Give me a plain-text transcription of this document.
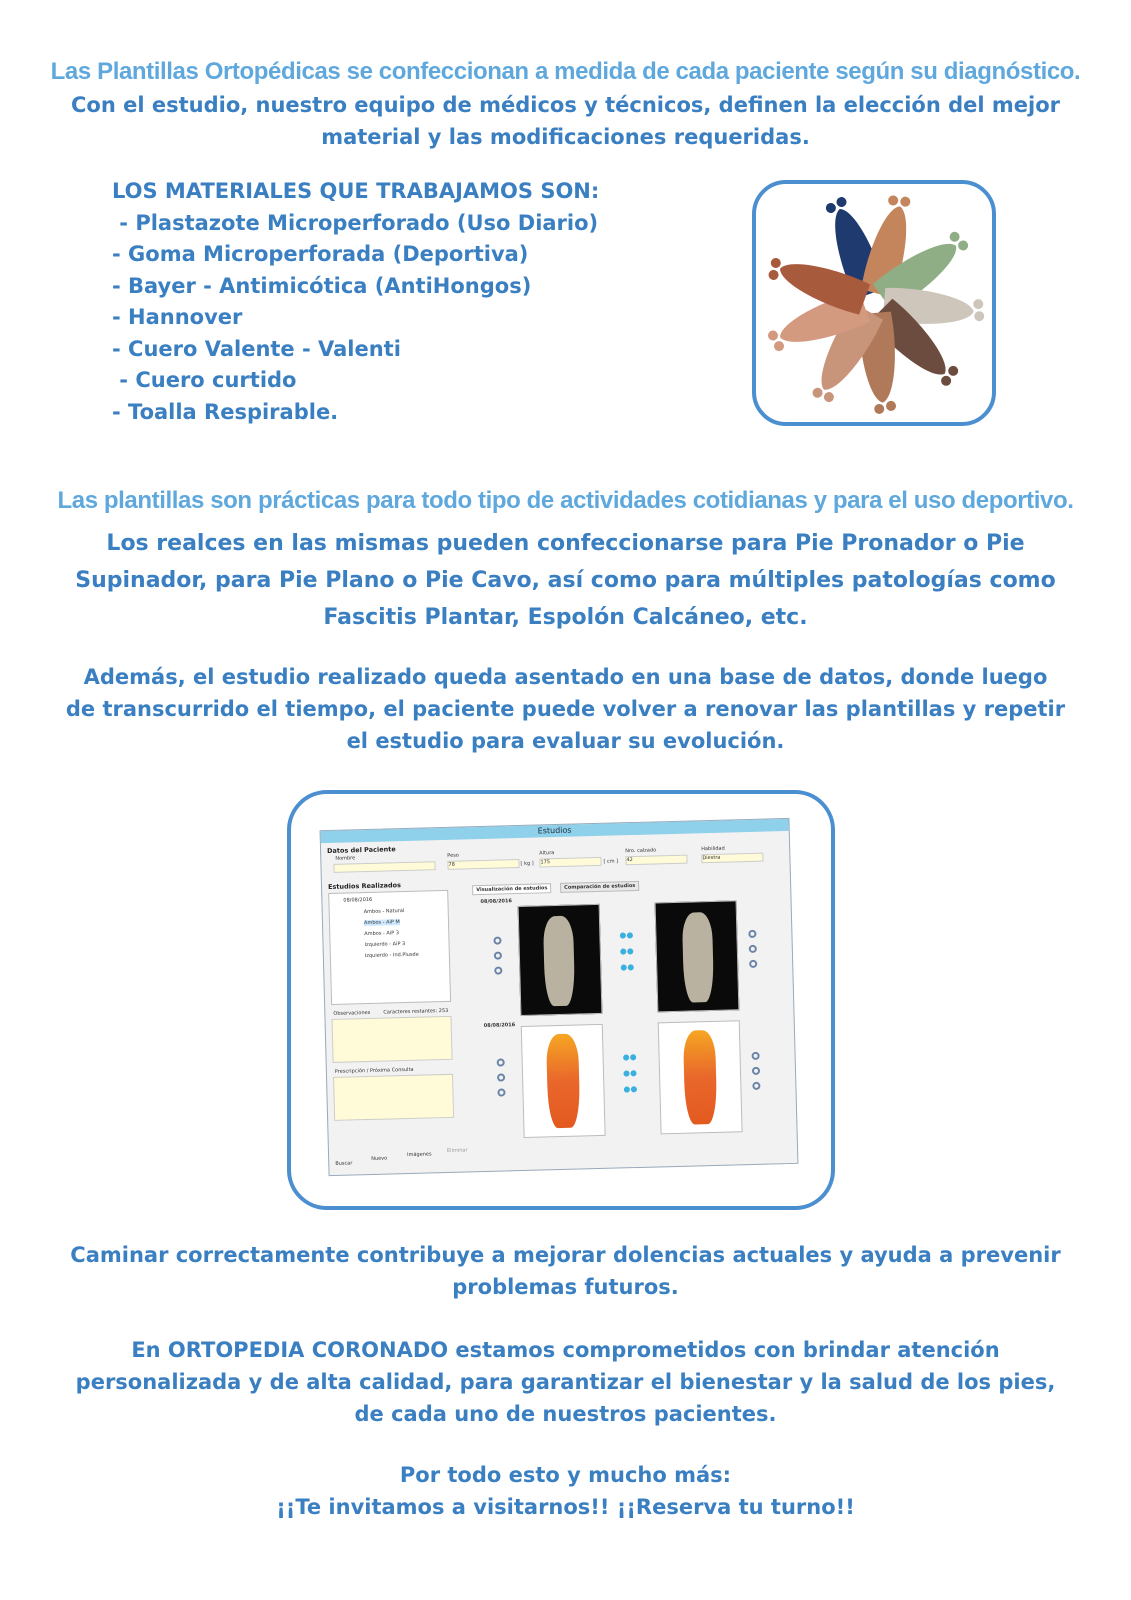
Las Plantillas Ortopédicas se confeccionan a medida de cada paciente según su diagnóstico.
Con el estudio, nuestro equipo de médicos y técnicos, definen la elección del mejor
material y las modificaciones requeridas.
LOS MATERIALES QUE TRABAJAMOS SON:
- Plastazote Microperforado (Uso Diario)
- Goma Microperforada (Deportiva)
- Bayer - Antimicótica (AntiHongos)
- Hannover
- Cuero Valente - Valenti
- Cuero curtido
- Toalla Respirable.
Las plantillas son prácticas para todo tipo de actividades cotidianas y para el uso deportivo.
Los realces en las mismas pueden confeccionarse para Pie Pronador o Pie
Supinador, para Pie Plano o Pie Cavo, así como para múltiples patologías como
Fascitis Plantar, Espolón Calcáneo, etc.
Además, el estudio realizado queda asentado en una base de datos, donde luego
de transcurrido el tiempo, el paciente puede volver a renovar las plantillas y repetir
el estudio para evaluar su evolución.
Estudios
Datos del Paciente
Nombre	Peso
78	[ kg ]
Altura
175	[ cm ]
Nro. calzado
42
Habilidad
Diestra
Estudios Realizados
08/08/2016
Ambos - Natural
Ambos - AiP M
Ambos - AiP 3
Izquierdo - AiP 3
Izquierdo - Ind.Plusde
Observaciones	Caracteres restantes: 253
Prescripción / Próxima Consulta
Buscar
Nuevo
Imágenes
Eliminar
Visualización de estudios	Comparación de estudios
08/08/2016
08/08/2016
⦁⦁
⦁⦁
⦁⦁
⦁⦁
⦁⦁
⦁⦁
Caminar correctamente contribuye a mejorar dolencias actuales y ayuda a prevenir
problemas futuros.
En ORTOPEDIA CORONADO estamos comprometidos con brindar atención
personalizada y de alta calidad, para garantizar el bienestar y la salud de los pies,
de cada uno de nuestros pacientes.
Por todo esto y mucho más:
¡¡Te invitamos a visitarnos!! ¡¡Reserva tu turno!!
